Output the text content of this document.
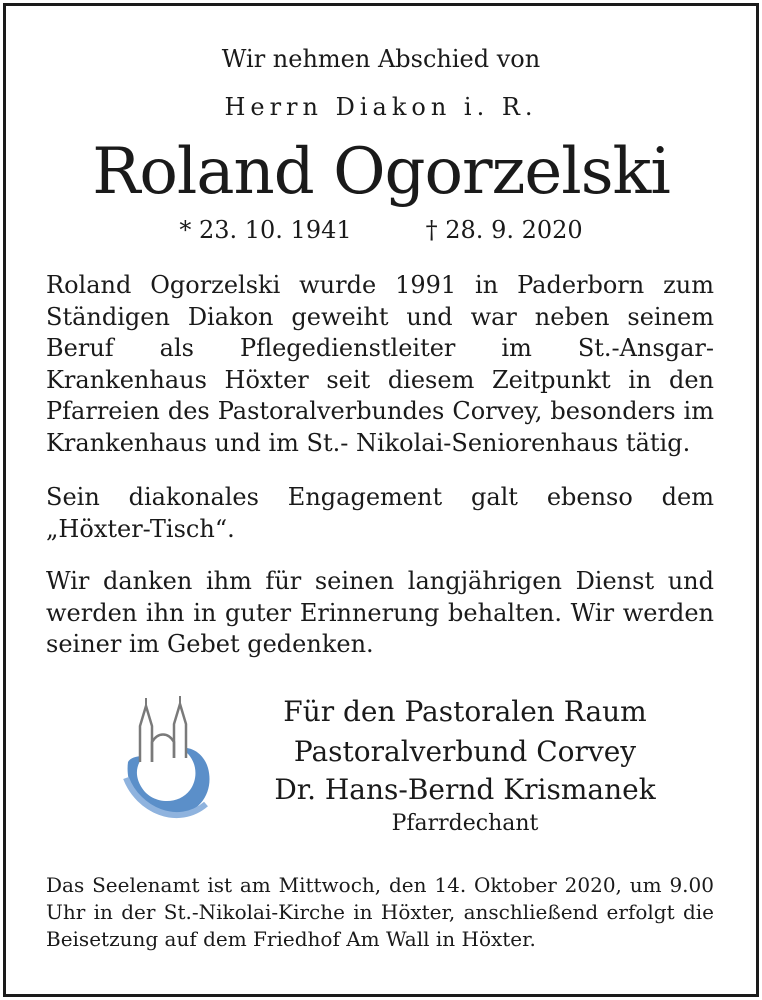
Wir nehmen Abschied von
Herrn Diakon i. R.
Roland Ogorzelski
* 23. 10. 1941	† 28. 9. 2020
Roland Ogorzelski wurde 1991 in Paderborn zum Ständigen Diakon geweiht und war neben seinem Beruf als Pflegedienstleiter im St.-Ansgar-Krankenhaus Höxter seit diesem Zeitpunkt in den Pfarreien des Pastoralverbundes Corvey, besonders im Krankenhaus und im St.- Nikolai-Seniorenhaus tätig.
Sein diakonales Engagement galt ebenso dem „Höxter-Tisch“.
Wir danken ihm für seinen langjährigen Dienst und werden ihn in guter Erinnerung behalten. Wir werden seiner im Gebet gedenken.
Für den Pastoralen Raum
Pastoralverbund Corvey
Dr. Hans-Bernd Krismanek
Pfarrdechant
Das Seelenamt ist am Mittwoch, den 14. Oktober 2020, um 9.00 Uhr in der St.-Nikolai-Kirche in Höxter, anschließend erfolgt die Beisetzung auf dem Friedhof Am Wall in Höxter.
